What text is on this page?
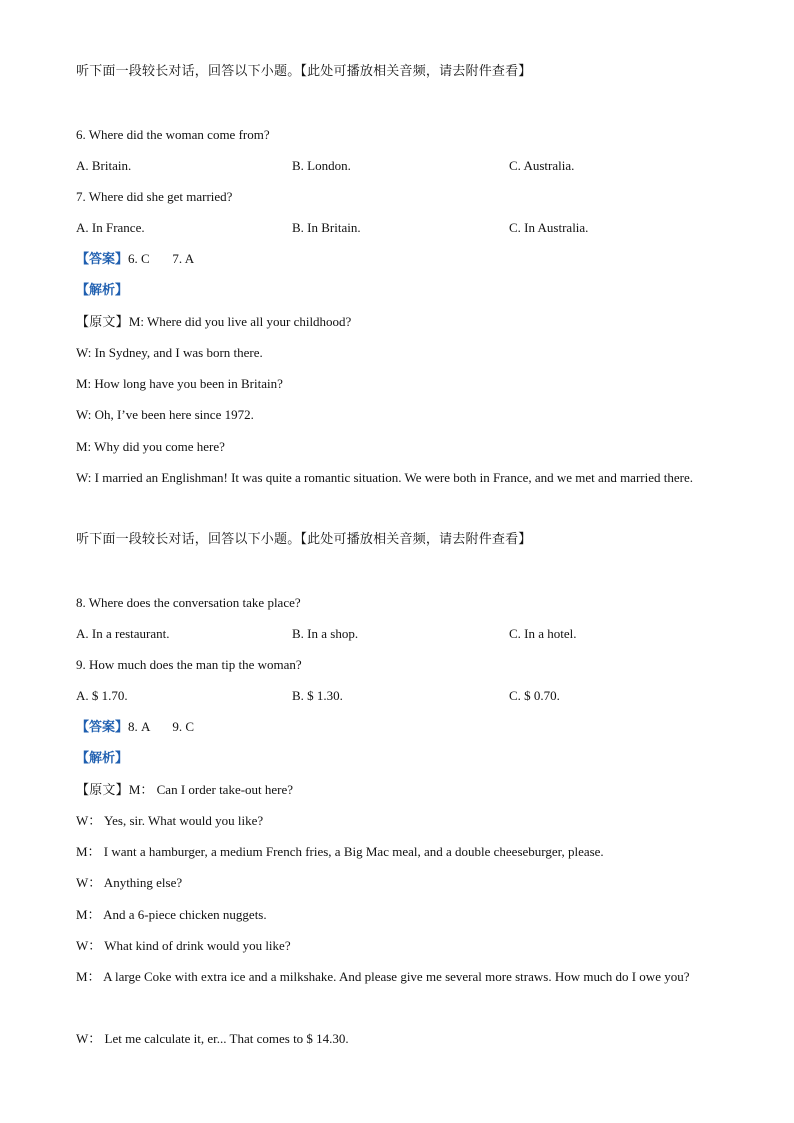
听下面一段较长对话，回答以下小题。【此处可播放相关音频，请去附件查看】
6. Where did the woman come from?
A. Britain.	B. London.	C. Australia.
7. Where did she get married?
A. In France.	B. In Britain.	C. In Australia.
【答案】6. C       7. A
【解析】
【原文】M: Where did you live all your childhood?
W: In Sydney, and I was born there.
M: How long have you been in Britain?
W: Oh, I’ve been here since 1972.
M: Why did you come here?
W: I married an Englishman! It was quite a romantic situation. We were both in France, and we met and married there.
听下面一段较长对话，回答以下小题。【此处可播放相关音频，请去附件查看】
8. Where does the conversation take place?
A. In a restaurant.	B. In a shop.	C. In a hotel.
9. How much does the man tip the woman?
A. $ 1.70.	B. $ 1.30.	C. $ 0.70.
【答案】8. A       9. C
【解析】
【原文】M： Can I order take-out here?
W： Yes, sir. What would you like?
M： I want a hamburger, a medium French fries, a Big Mac meal, and a double cheeseburger, please.
W： Anything else?
M： And a 6-piece chicken nuggets.
W： What kind of drink would you like?
M： A large Coke with extra ice and a milkshake. And please give me several more straws. How much do I owe you?
W： Let me calculate it, er... That comes to $ 14.30.
